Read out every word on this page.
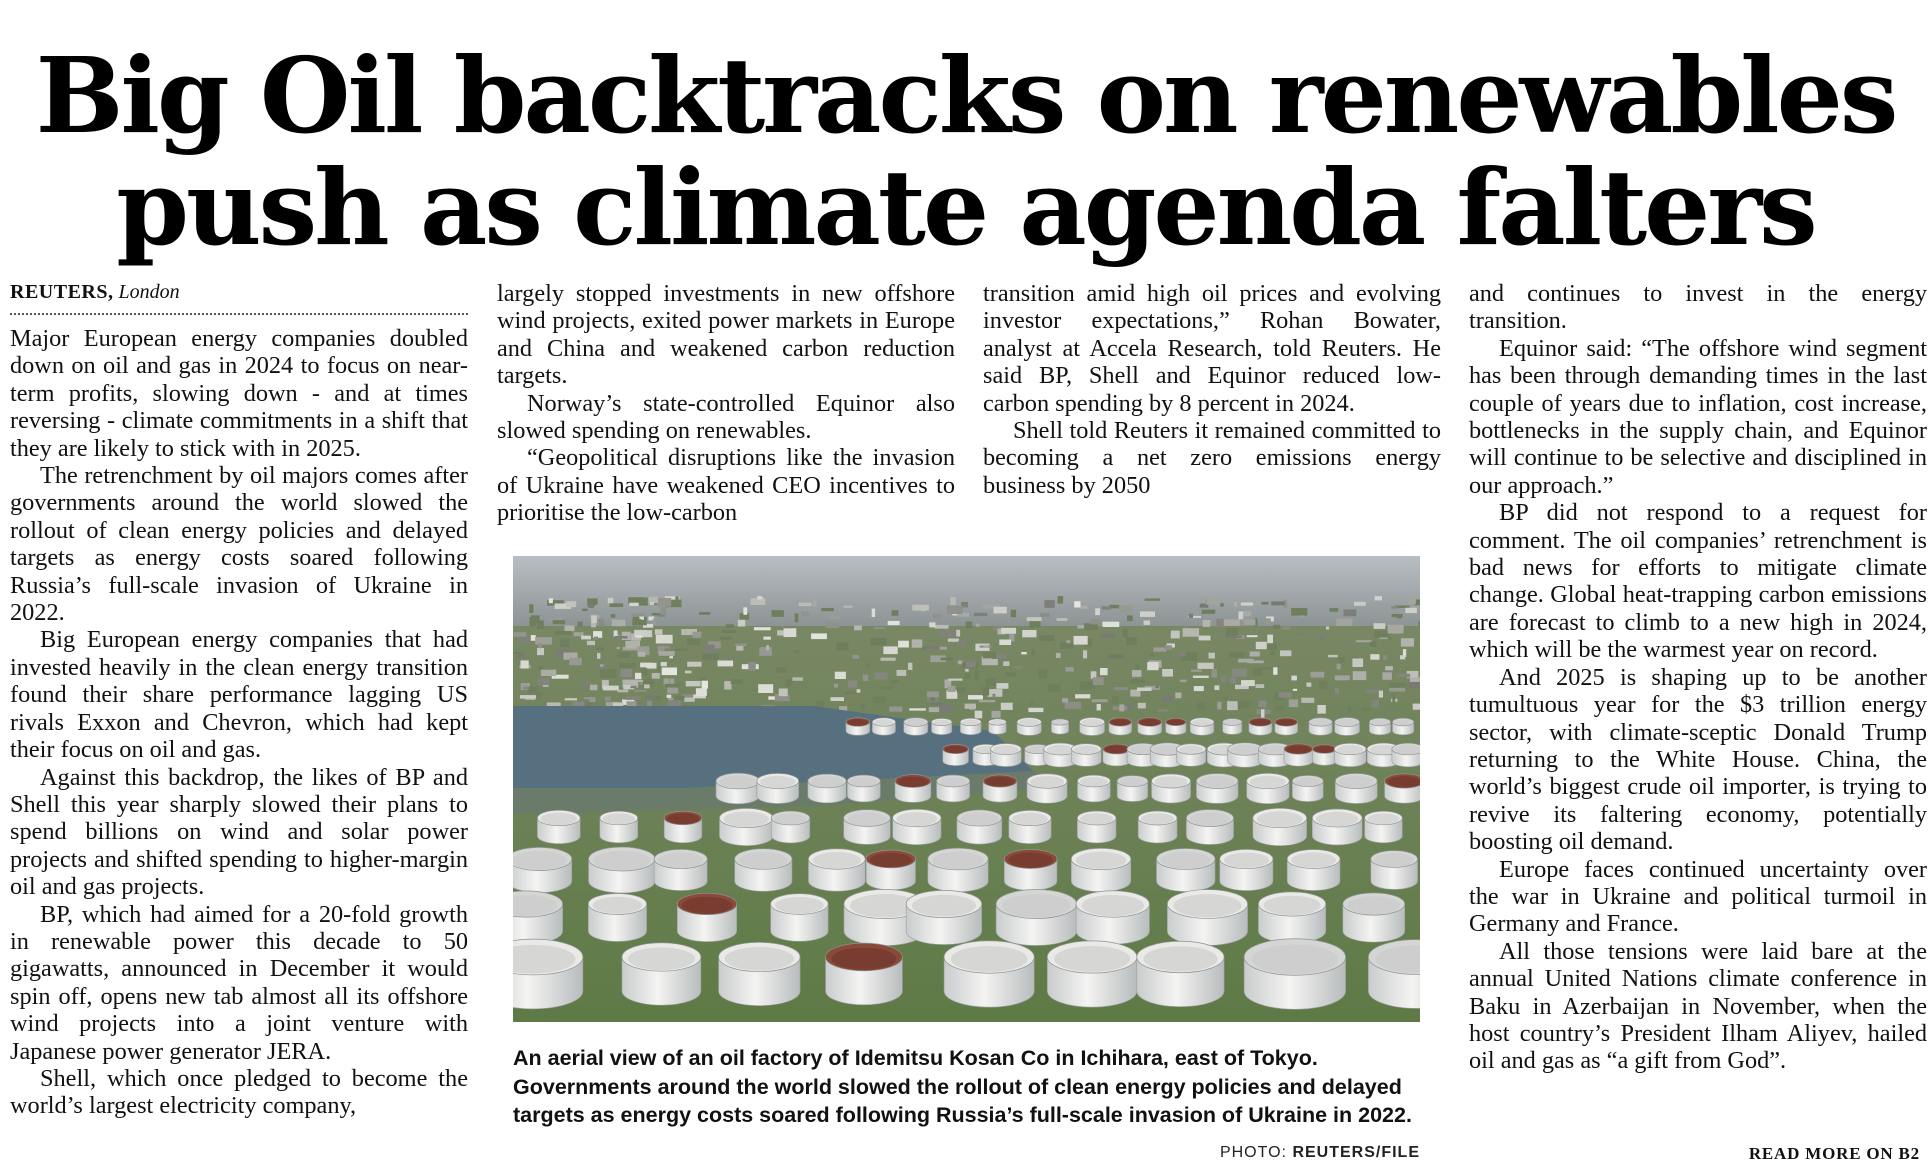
Big Oil backtracks on renewables
push as climate agenda falters
REUTERS, London

Major European energy companies doubled down on oil and gas in 2024 to focus on near-term profits, slowing down - and at times reversing - climate commitments in a shift that they are likely to stick with in 2025.

The retrenchment by oil majors comes after governments around the world slowed the rollout of clean energy policies and delayed targets as energy costs soared following Russia’s full-scale invasion of Ukraine in 2022.

Big European energy companies that had invested heavily in the clean energy transition found their share performance lagging US rivals Exxon and Chevron, which had kept their focus on oil and gas.

Against this backdrop, the likes of BP and Shell this year sharply slowed their plans to spend billions on wind and solar power projects and shifted spending to higher-margin oil and gas projects.

BP, which had aimed for a 20-fold growth in renewable power this decade to 50 gigawatts, announced in December it would spin off, opens new tab almost all its offshore wind projects into a joint venture with Japanese power generator JERA.

Shell, which once pledged to become the world’s largest electricity company,

largely stopped investments in new offshore wind projects, exited power markets in Europe and China and weakened carbon reduction targets.

Norway’s state-controlled Equinor also slowed spending on renewables.

“Geopolitical disruptions like the invasion of Ukraine have weakened CEO incentives to prioritise the low-carbon

transition amid high oil prices and evolving investor expectations,” Rohan Bowater, analyst at Accela Research, told Reuters. He said BP, Shell and Equinor reduced low-carbon spending by 8 percent in 2024.

Shell told Reuters it remained committed to becoming a net zero emissions energy business by 2050

and continues to invest in the energy transition.

Equinor said: “The offshore wind segment has been through demanding times in the last couple of years due to inflation, cost increase, bottlenecks in the supply chain, and Equinor will continue to be selective and disciplined in our approach.”

BP did not respond to a request for comment. The oil companies’ retrenchment is bad news for efforts to mitigate climate change. Global heat-trapping carbon emissions are forecast to climb to a new high in 2024, which will be the warmest year on record.

And 2025 is shaping up to be another tumultuous year for the $3 trillion energy sector, with climate-sceptic Donald Trump returning to the White House. China, the world’s biggest crude oil importer, is trying to revive its faltering economy, potentially boosting oil demand.

Europe faces continued uncertainty over the war in Ukraine and political turmoil in Germany and France.

All those tensions were laid bare at the annual United Nations climate conference in Baku in Azerbaijan in November, when the host country’s President Ilham Aliyev, hailed oil and gas as “a gift from God”.

An aerial view of an oil factory of Idemitsu Kosan Co in Ichihara, east of Tokyo. Governments around the world slowed the rollout of clean energy policies and delayed targets as energy costs soared following Russia’s full-scale invasion of Ukraine in 2022.
PHOTO: REUTERS/FILE	READ MORE ON B2
